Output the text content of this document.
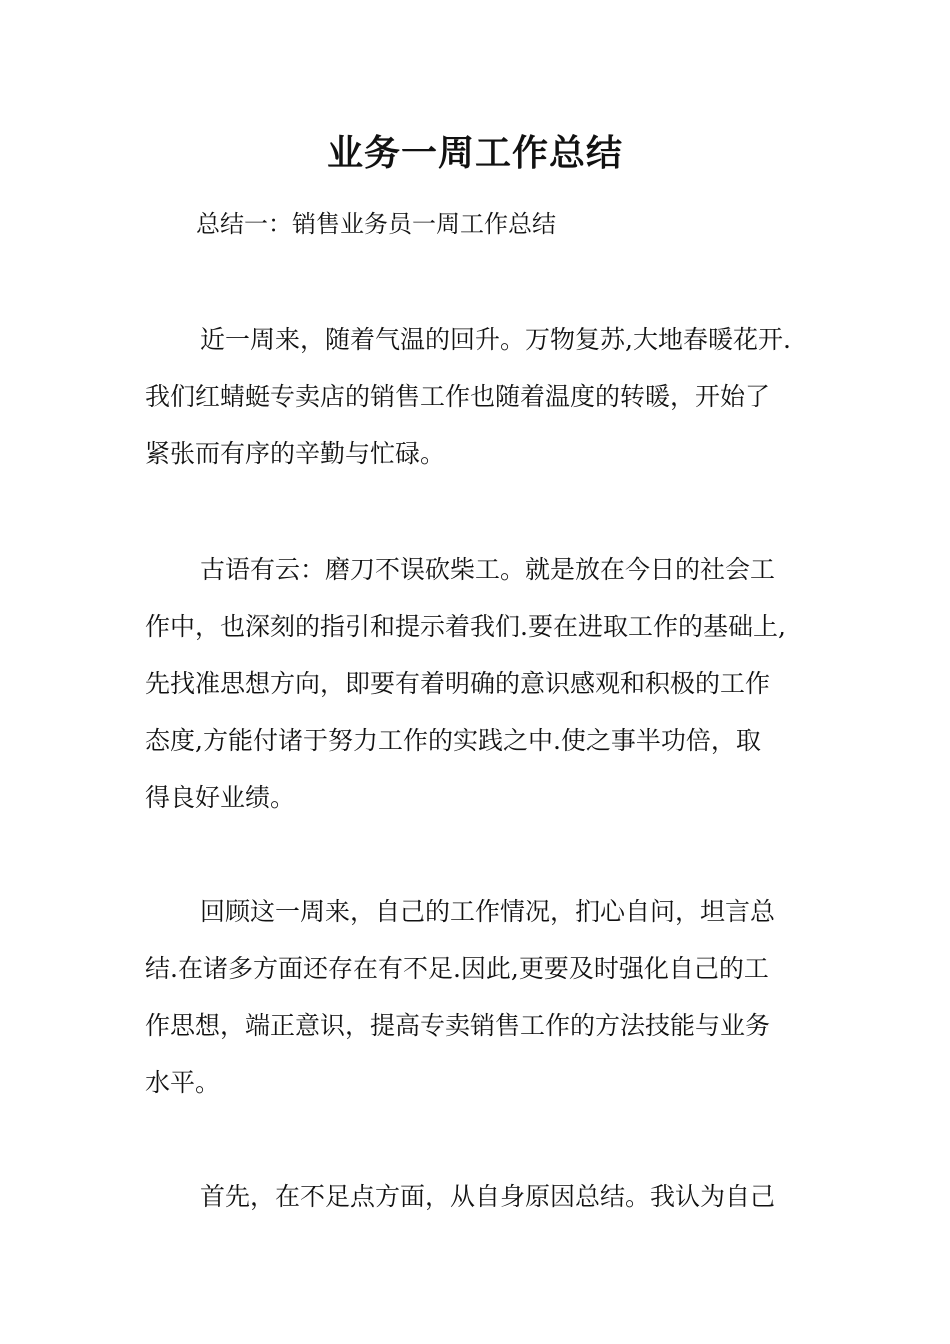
业务一周工作总结

总结一：销售业务员一周工作总结

近一周来，随着气温的回升。万物复苏,大地春暖花开.
我们红蜻蜓专卖店的销售工作也随着温度的转暖，开始了
紧张而有序的辛勤与忙碌。
古语有云：磨刀不误砍柴工。就是放在今日的社会工
作中，也深刻的指引和提示着我们.要在进取工作的基础上,
先找准思想方向，即要有着明确的意识感观和积极的工作
态度,方能付诸于努力工作的实践之中.使之事半功倍，取
得良好业绩。
回顾这一周来，自己的工作情况，扪心自问，坦言总
结.在诸多方面还存在有不足.因此,更要及时强化自己的工
作思想，端正意识，提高专卖销售工作的方法技能与业务
水平。
首先，在不足点方面，从自身原因总结。我认为自己
